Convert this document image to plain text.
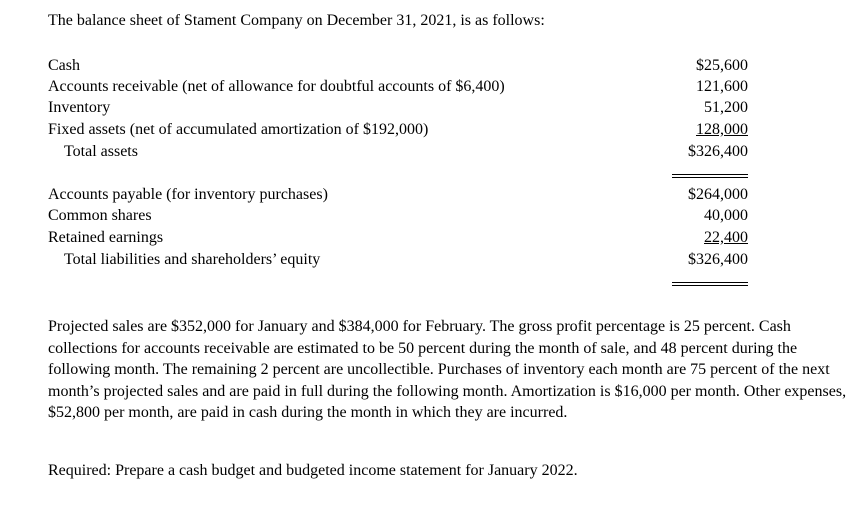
The balance sheet of Stament Company on December 31, 2021, is as follows:
Cash	$25,600
Accounts receivable (net of allowance for doubtful accounts of $6,400)	121,600
Inventory	51,200
Fixed assets (net of accumulated amortization of $192,000)	128,000
Total assets	$326,400
Accounts payable (for inventory purchases)	$264,000
Common shares	40,000
Retained earnings	22,400
Total liabilities and shareholders’ equity	$326,400
Projected sales are $352,000 for January and $384,000 for February. The gross profit percentage is 25 percent. Cash collections for accounts receivable are estimated to be 50 percent during the month of sale, and 48 percent during the following month. The remaining 2 percent are uncollectible. Purchases of inventory each month are 75 percent of the next month’s projected sales and are paid in full during the following month. Amortization is $16,000 per month. Other expenses, $52,800 per month, are paid in cash during the month in which they are incurred.
Required: Prepare a cash budget and budgeted income statement for January 2022.
